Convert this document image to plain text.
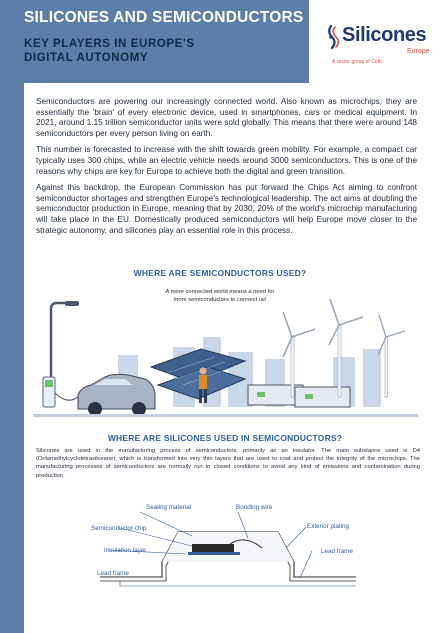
SILICONES AND SEMICONDUCTORS
KEY PLAYERS IN EUROPE'S
DIGITAL AUTONOMY
Silicones
Europe
A sector group of Cefic

Semiconductors are powering our increasingly connected world. Also known as microchips, they are essentially the 'brain' of every electronic device, used in smartphones, cars or medical equipment. In 2021, around 1.15 trillion semiconductor units were sold globally. This means that there were around 148 semiconductors per every person living on earth.

This number is forecasted to increase with the shift towards green mobility. For example, a compact car typically uses 300 chips, while an electric vehicle needs around 3000 semiconductors. This is one of the reasons why chips are key for Europe to achieve both the digital and green transition.

Against this backdrop, the European Commission has put forward the Chips Act aiming to confront semiconductor shortages and strengthen Europe's technological leadership. The act aims at doubling the semiconductor production in Europe, meaning that by 2030, 20% of the world's microchip manufacturing will take place in the EU. Domestically produced semiconductors will help Europe move closer to the strategic autonomy, and silicones play an essential role in this process.

WHERE ARE SEMICONDUCTORS USED?
A more connected world means a need for
more semiconductors to connect us!
WHERE ARE SILICONES USED IN SEMICONDUCTORS?
Silicones are used in the manufacturing process of semiconductors, primarily as an insulator. The main substance used is D4 (Octamethylcyclotetrasiloxane), which is transformed into very thin layers that are used to coat and protect the integrity of the microchips. The manufacturing processes of semiconductors are normally run in closed conditions to avoid any kind of emissions and contamination during production.
Sealing material	Bonding wire
Semiconductor chip	Exterior plating
Insulation layer	Lead frame
Lead frame
